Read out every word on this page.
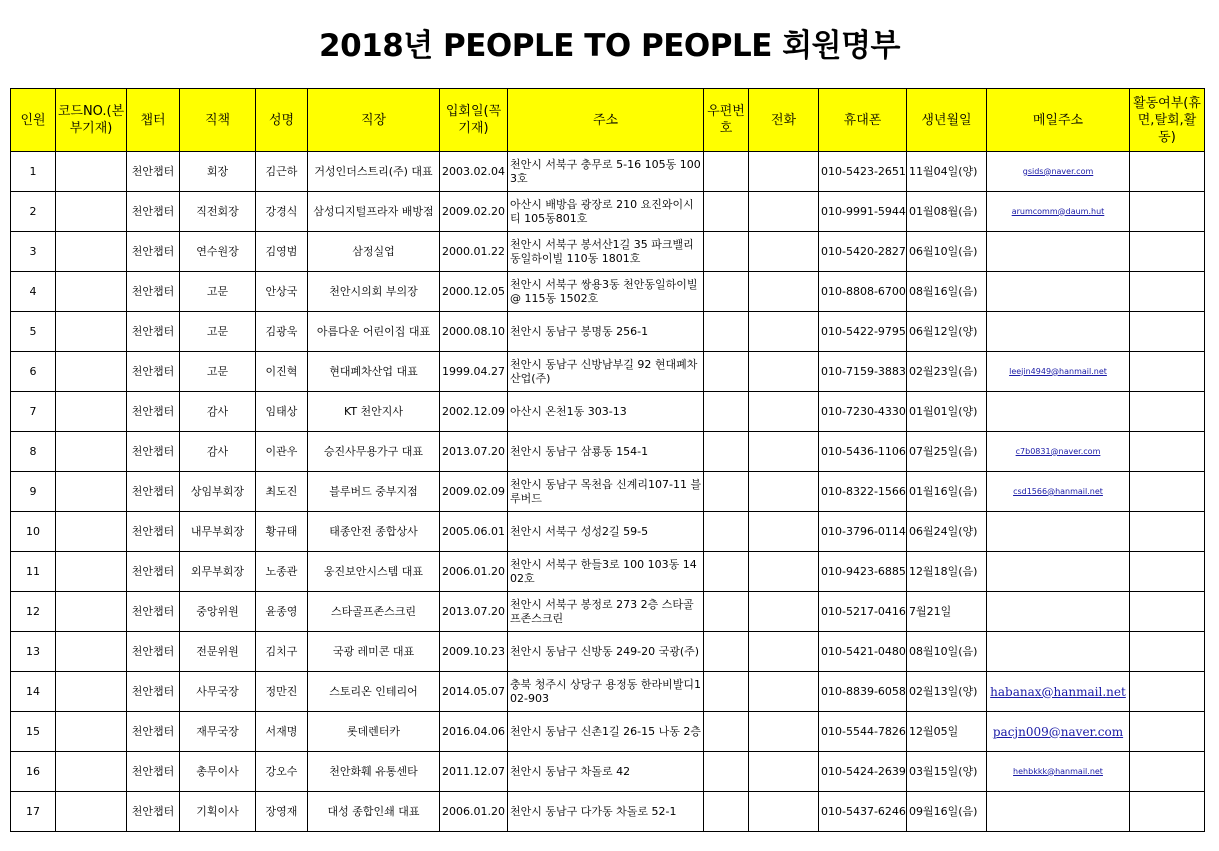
2018년 PEOPLE TO PEOPLE 회원명부
인원	코드NO.(본부기재)	챕터	직책	성명	직장	입회일(꼭기재)	주소	우편번호	전화	휴대폰	생년월일	메일주소	활동여부(휴면,탈회,활동)
1		천안챕터	회장	김근하	거성인더스트리(주) 대표	2003.02.04	천안시 서북구 충무로 5-16 105동 1003호			010-5423-2651	11월04일(양)	gsids@naver.com	
2		천안챕터	직전회장	강경식	삼성디지털프라자 배방점	2009.02.20	아산시 배방읍 광장로 210 요진와이시티 105동801호			010-9991-5944	01월08월(음)	arumcomm@daum.hut	
3		천안챕터	연수원장	김영범	삼정실업	2000.01.22	천안시 서북구 봉서산1길 35 파크밸리동일하이빌 110동 1801호			010-5420-2827	06월10일(음)		
4		천안챕터	고문	안상국	천안시의회 부의장	2000.12.05	천안시 서북구 쌍용3동 천안동일하이빌@ 115동 1502호			010-8808-6700	08월16일(음)		
5		천안챕터	고문	김광욱	아름다운 어린이집 대표	2000.08.10	천안시 동남구 봉명동 256-1			010-5422-9795	06월12일(양)		
6		천안챕터	고문	이진혁	현대폐차산업 대표	1999.04.27	천안시 동남구 신방남부길 92 현대폐차산업(주)			010-7159-3883	02월23일(음)	leejin4949@hanmail.net	
7		천안챕터	감사	임태상	KT 천안지사	2002.12.09	아산시 온천1동 303-13			010-7230-4330	01월01일(양)		
8		천안챕터	감사	이관우	승진사무용가구 대표	2013.07.20	천안시 동남구 삼룡동 154-1			010-5436-1106	07월25일(음)	c7b0831@naver.com	
9		천안챕터	상임부회장	최도진	블루버드 중부지점	2009.02.09	천안시 동남구 목천읍 신계리107-11 블루버드			010-8322-1566	01월16일(음)	csd1566@hanmail.net	
10		천안챕터	내무부회장	황규태	태종안전 종합상사	2005.06.01	천안시 서북구 성성2길 59-5			010-3796-0114	06월24일(양)		
11		천안챕터	외무부회장	노종관	웅진보안시스템 대표	2006.01.20	천안시 서북구 한들3로 100 103동 1402호			010-9423-6885	12월18일(음)		
12		천안챕터	중앙위원	윤종영	스타골프존스크린	2013.07.20	천안시 서북구 봉정로 273 2층 스타골프존스크린			010-5217-0416	7월21일		
13		천안챕터	전문위원	김치구	국광 레미콘 대표	2009.10.23	천안시 동남구 신방동 249-20 국광(주)			010-5421-0480	08월10일(음)		
14		천안챕터	사무국장	정만진	스토리온 인테리어	2014.05.07	충북 청주시 상당구 용정동 한라비발디102-903			010-8839-6058	02월13일(양)	habanax@hanmail.net	
15		천안챕터	재무국장	서재명	롯데렌터카	2016.04.06	천안시 동남구 신촌1길 26-15 나동 2층			010-5544-7826	12월05일	pacjn009@naver.com	
16		천안챕터	총무이사	강오수	천안화훼 유통센타	2011.12.07	천안시 동남구 차돌로 42			010-5424-2639	03월15일(양)	hehbkkk@hanmail.net	
17		천안챕터	기획이사	장영재	대성 종합인쇄 대표	2006.01.20	천안시 동남구 다가동 차돌로 52-1			010-5437-6246	09월16일(음)		
